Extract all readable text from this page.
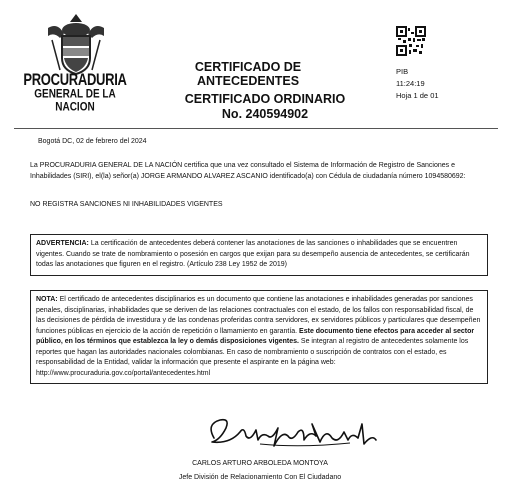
PROCURADURIA
GENERAL DE LA NACION
CERTIFICADO DE ANTECEDENTES
CERTIFICADO ORDINARIO
No. 240594902
PIB
11:24:19
Hoja 1 de 01
Bogotá DC, 02 de febrero del 2024
La PROCURADURIA GENERAL DE LA NACIÓN certifica que una vez consultado el Sistema de Información de Registro de Sanciones e Inhabilidades (SIRI), el(la) señor(a) JORGE ARMANDO ALVAREZ ASCANIO identificado(a) con Cédula de ciudadanía número 1094580692:
NO REGISTRA SANCIONES NI INHABILIDADES VIGENTES
ADVERTENCIA: La certificación de antecedentes deberá contener las anotaciones de las sanciones o inhabilidades que se encuentren vigentes. Cuando se trate de nombramiento o posesión en cargos que exijan para su desempeño ausencia de antecedentes, se certificarán todas las anotaciones que figuren en el registro. (Artículo 238 Ley 1952 de 2019)
NOTA: El certificado de antecedentes disciplinarios es un documento que contiene las anotaciones e inhabilidades generadas por sanciones penales, disciplinarias, inhabilidades que se deriven de las relaciones contractuales con el estado, de los fallos con responsabilidad fiscal, de las decisiones de pérdida de investidura y de las condenas proferidas contra servidores, ex servidores públicos y particulares que desempeñen funciones públicas en ejercicio de la acción de repetición o llamamiento en garantía. Este documento tiene efectos para acceder al sector público, en los términos que establezca la ley o demás disposiciones vigentes. Se integran al registro de antecedentes solamente los reportes que hagan las autoridades nacionales colombianas. En caso de nombramiento o suscripción de contratos con el estado, es responsabilidad de la Entidad, validar la información que presente el aspirante en la página web: http://www.procuraduria.gov.co/portal/antecedentes.html
CARLOS ARTURO ARBOLEDA MONTOYA
Jefe División de Relacionamiento Con El Ciudadano
